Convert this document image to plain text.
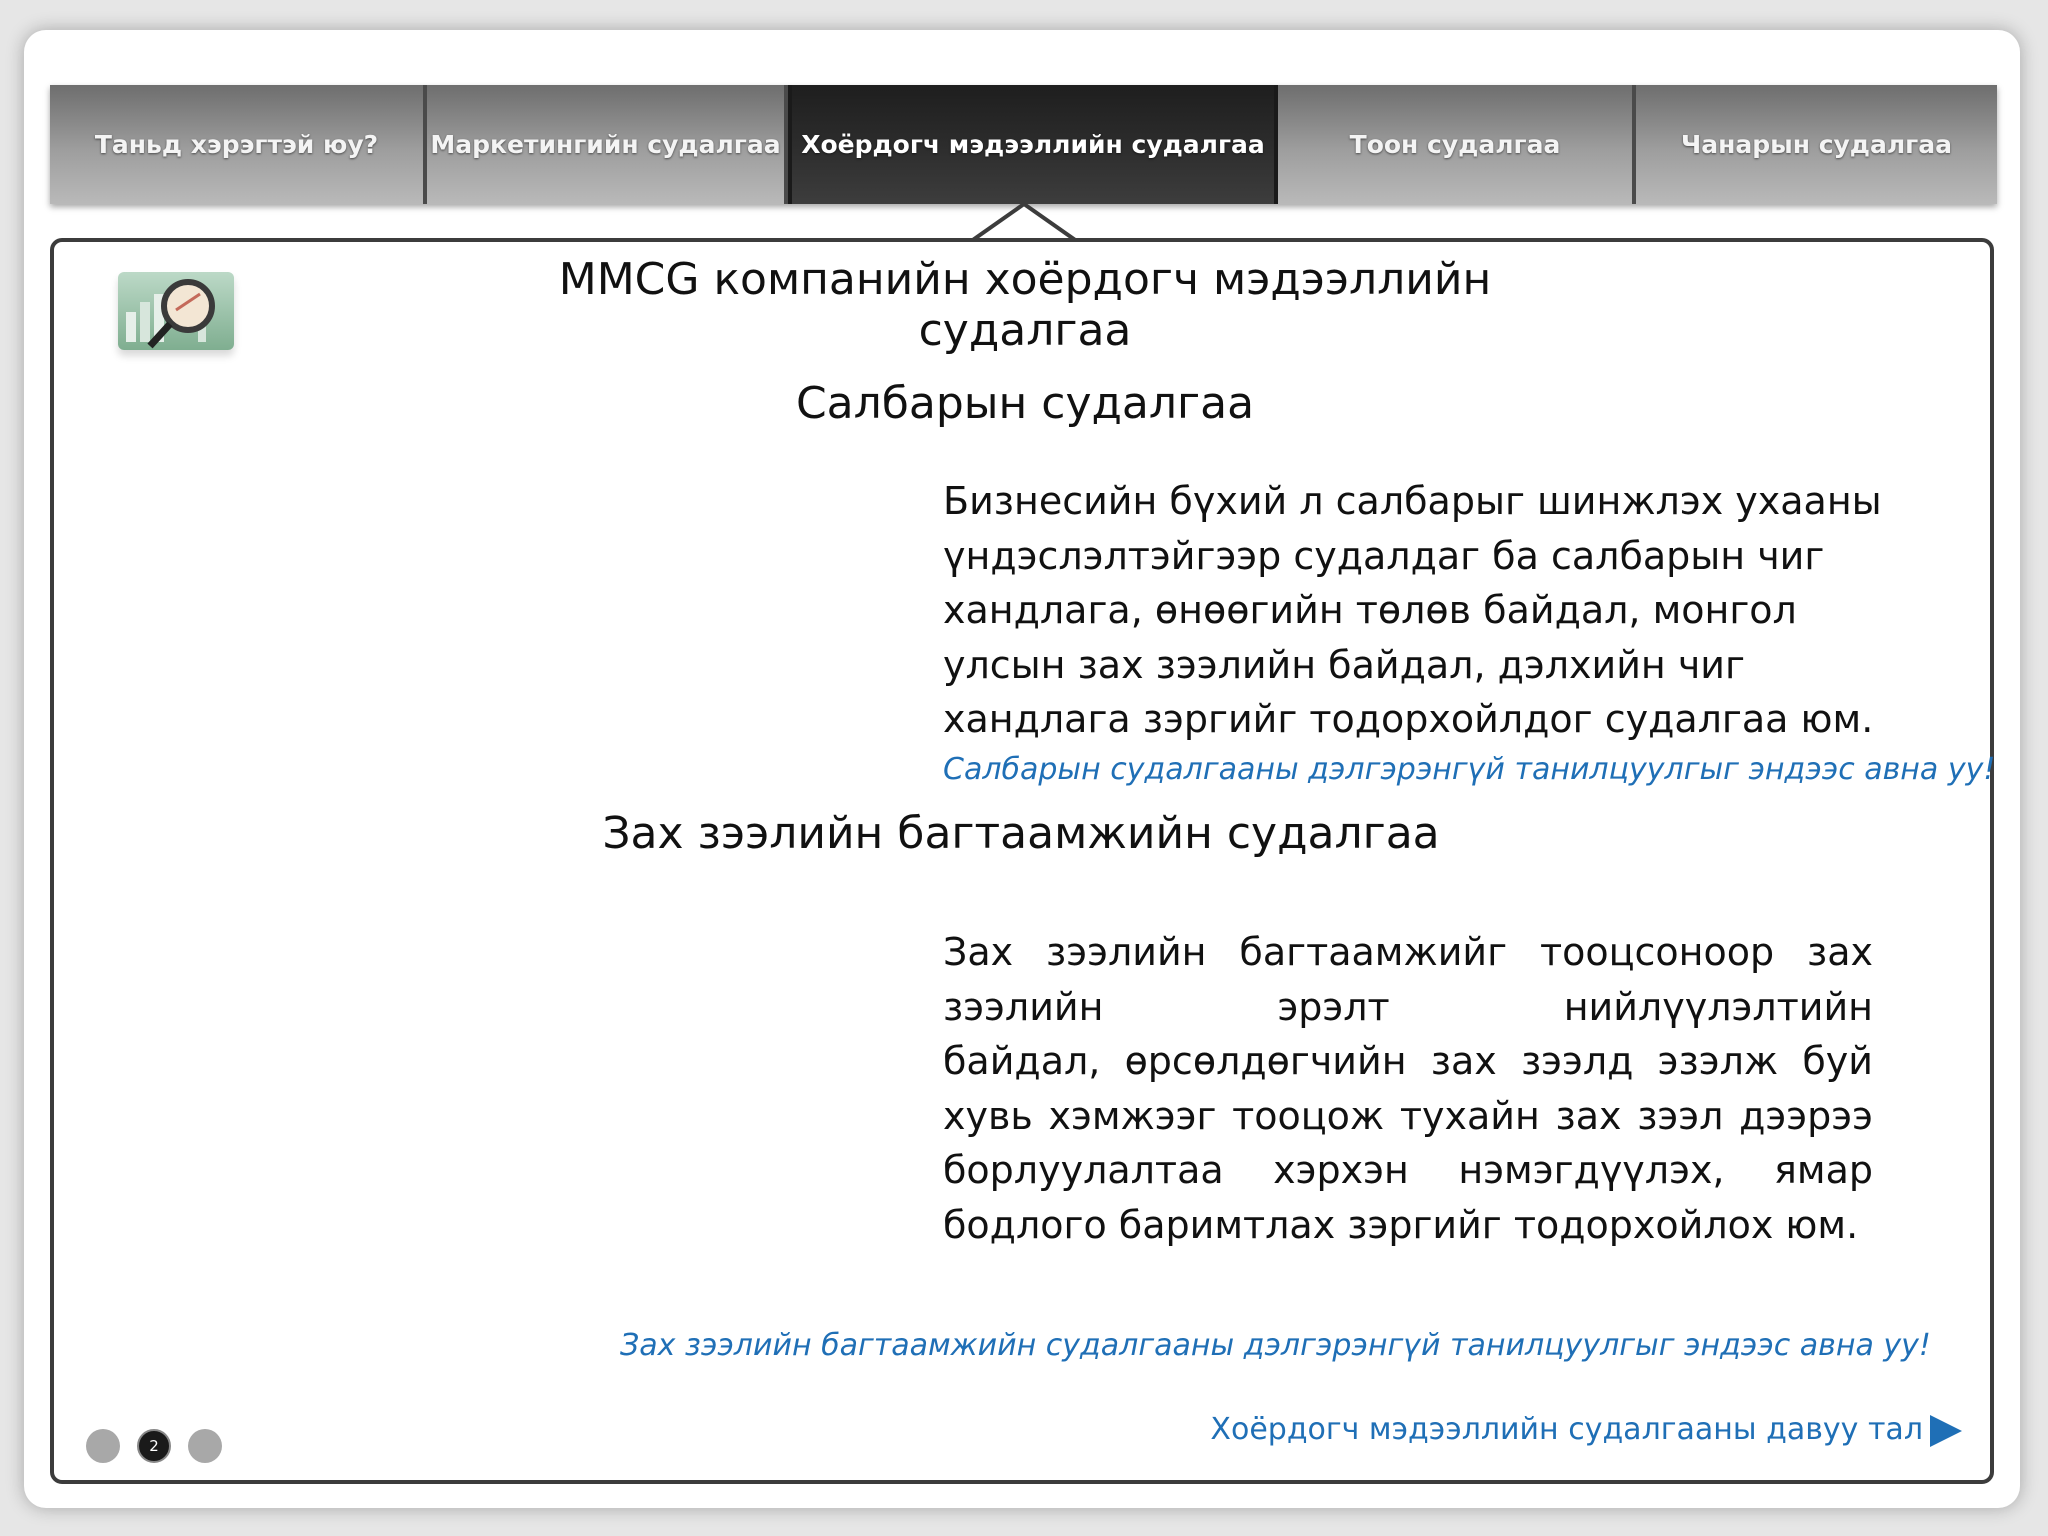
Таньд хэрэгтэй юу?	Маркетингийн судалгаа Хоёрдогч мэдээллийн судалгаа	Тоон судалгаа	Чанарын судалгаа
MMCG компанийн хоёрдогч мэдээллийн судалгаа
Салбарын судалгаа
Бизнесийн бүхий л салбарыг шинжлэх ухааны
үндэслэлтэйгээр судалдаг ба салбарын чиг
хандлага, өнөөгийн төлөв байдал, монгол
улсын зах зээлийн байдал, дэлхийн чиг
хандлага зэргийг тодорхойлдог судалгаа юм.
Салбарын судалгааны дэлгэрэнгүй танилцуулгыг эндээс авна уу!
Зах зээлийн багтаамжийн судалгаа
Зах зээлийн багтаамжийг тооцсоноор зах
зээлийн	эрэлт	нийлүүлэлтийн
байдал, өрсөлдөгчийн зах зээлд эзэлж буй
хувь хэмжээг тооцож тухайн зах зээл дээрээ
борлуулалтаа хэрхэн нэмэгдүүлэх, ямар
бодлого баримтлах зэргийг тодорхойлох юм.
Зах зээлийн багтаамжийн судалгааны дэлгэрэнгүй танилцуулгыг эндээс авна уу!
Хоёрдогч мэдээллийн судалгааны давуу тал
2
